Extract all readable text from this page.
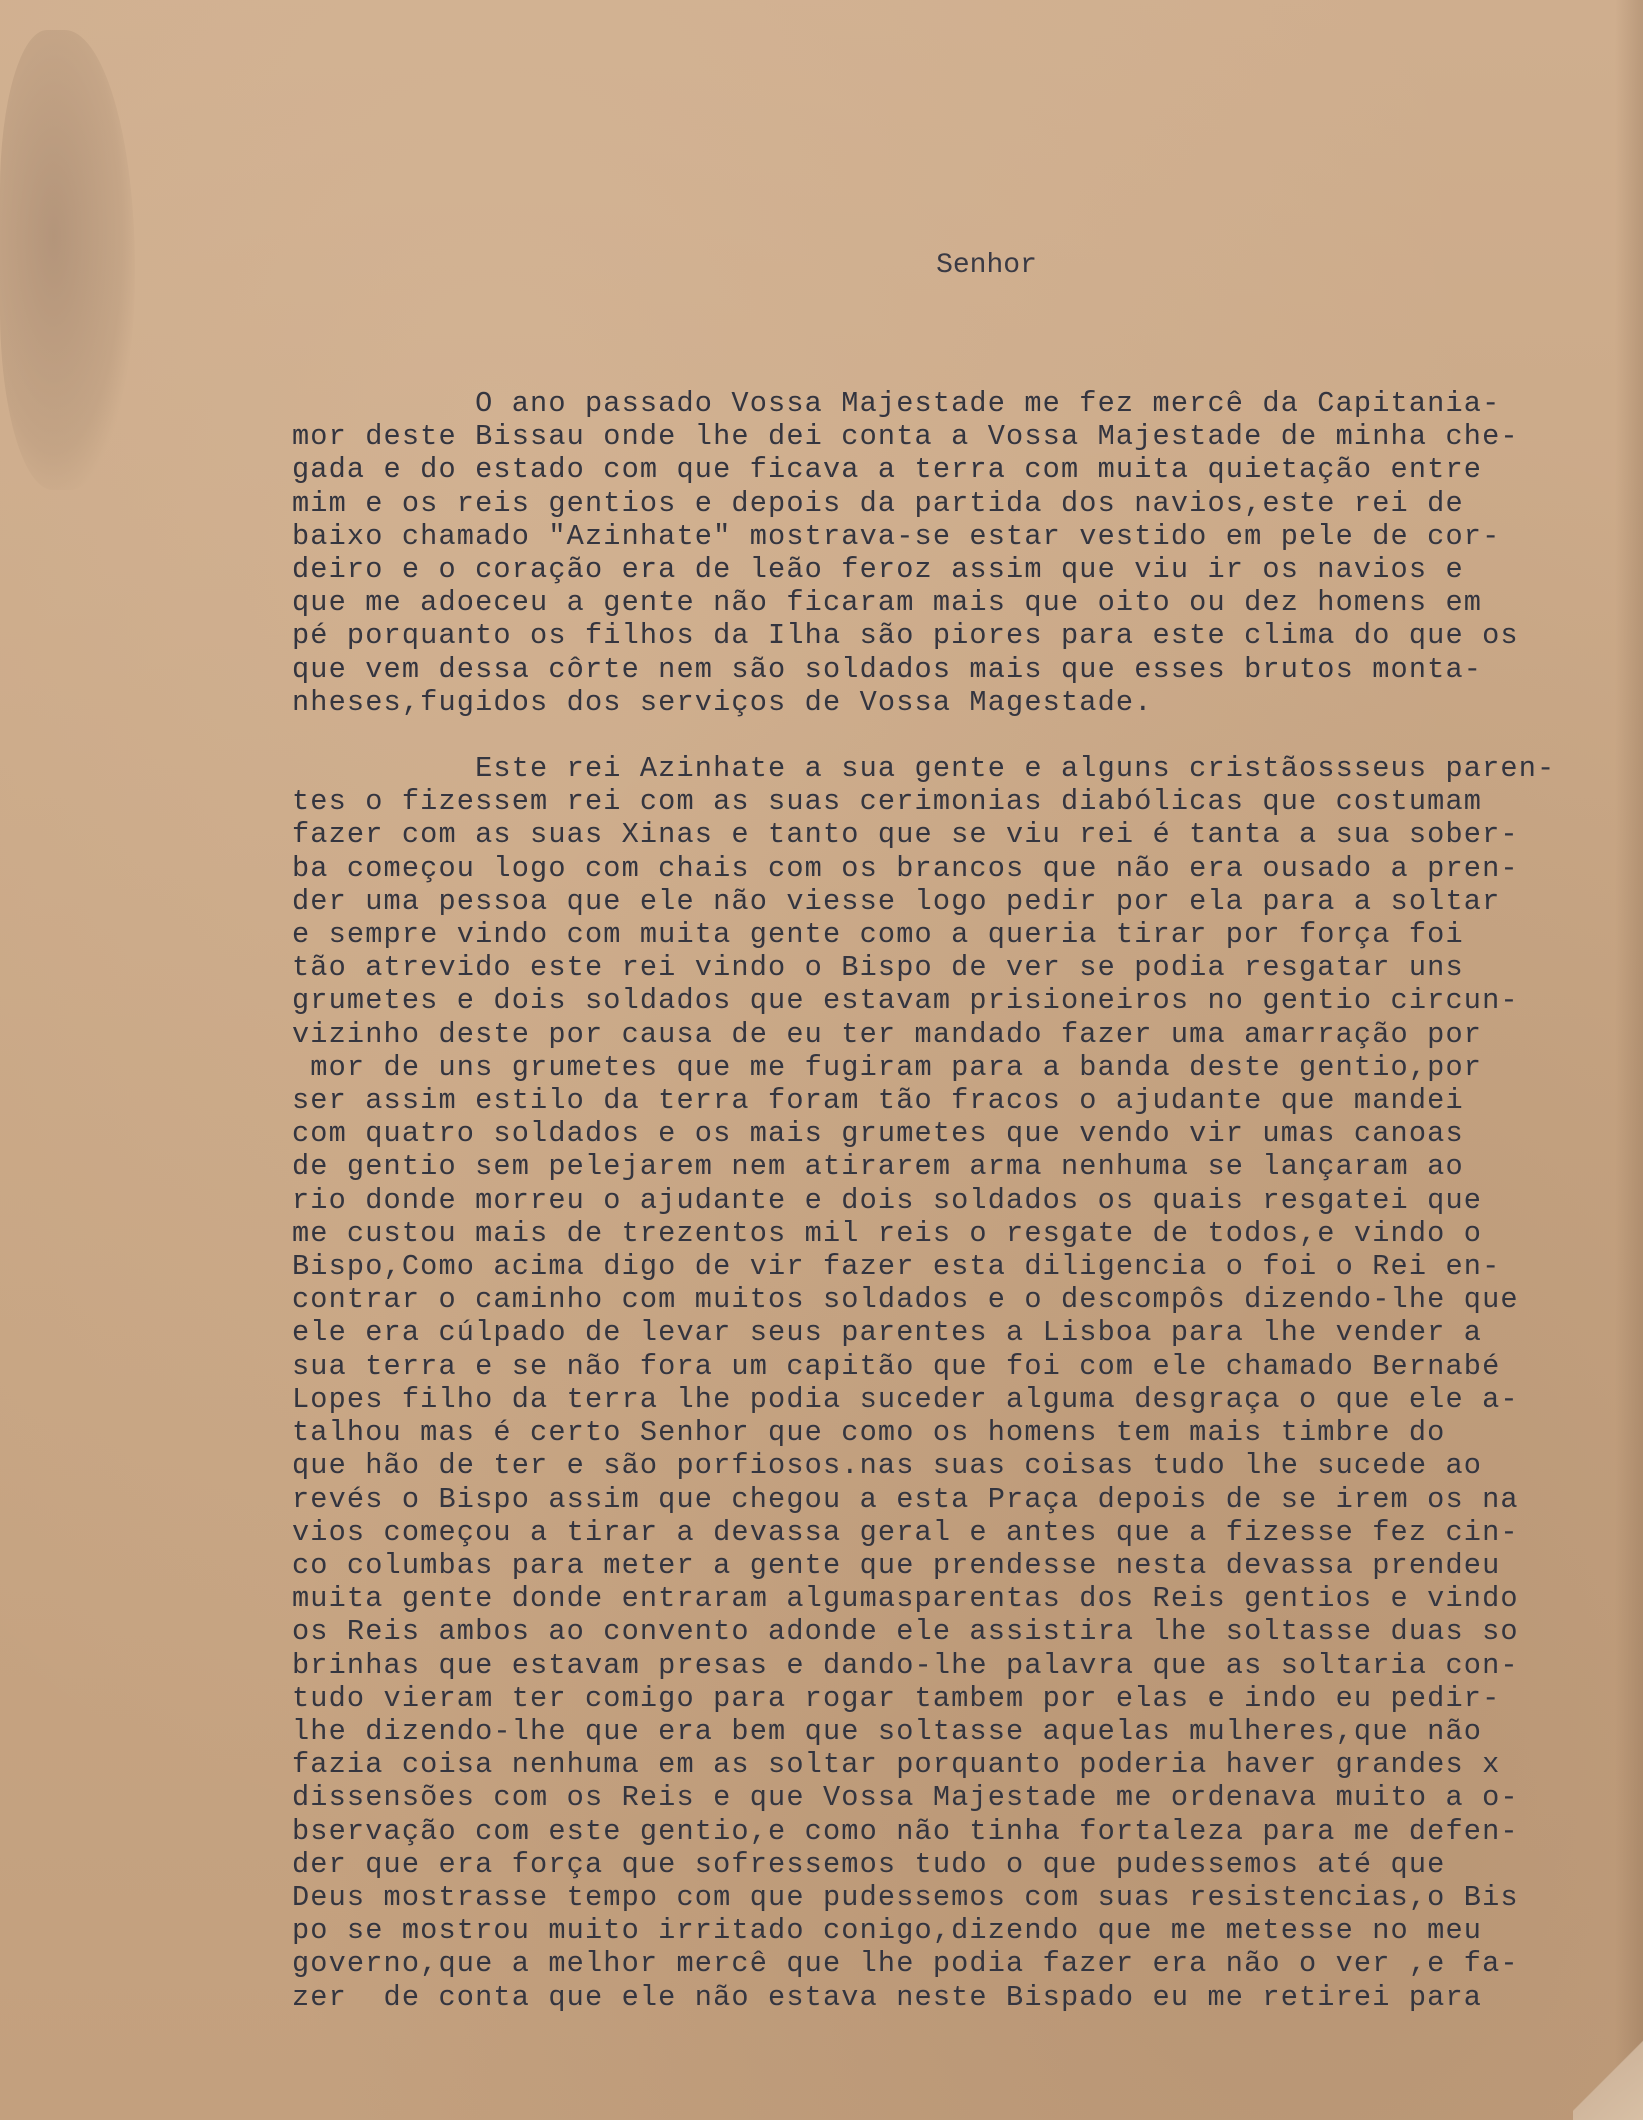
Senhor
O ano passado Vossa Majestade me fez mercê da Capitania-
mor deste Bissau onde lhe dei conta a Vossa Majestade de minha che-
gada e do estado com que ficava a terra com muita quietação entre
mim e os reis gentios e depois da partida dos navios,este rei de
baixo chamado "Azinhate" mostrava-se estar vestido em pele de cor-
deiro e o coração era de leão feroz assim que viu ir os navios e
que me adoeceu a gente não ficaram mais que oito ou dez homens em
pé porquanto os filhos da Ilha são piores para este clima do que os
que vem dessa côrte nem são soldados mais que esses brutos monta-
nheses,fugidos dos serviços de Vossa Magestade.
Este rei Azinhate a sua gente e alguns cristãossseus paren-
tes o fizessem rei com as suas cerimonias diabólicas que costumam
fazer com as suas Xinas e tanto que se viu rei é tanta a sua sober-
ba começou logo com chais com os brancos que não era ousado a pren-
der uma pessoa que ele não viesse logo pedir por ela para a soltar
e sempre vindo com muita gente como a queria tirar por força foi
tão atrevido este rei vindo o Bispo de ver se podia resgatar uns
grumetes e dois soldados que estavam prisioneiros no gentio circun-
vizinho deste por causa de eu ter mandado fazer uma amarração por
mor de uns grumetes que me fugiram para a banda deste gentio,por
ser assim estilo da terra foram tão fracos o ajudante que mandei
com quatro soldados e os mais grumetes que vendo vir umas canoas
de gentio sem pelejarem nem atirarem arma nenhuma se lançaram ao
rio donde morreu o ajudante e dois soldados os quais resgatei que
me custou mais de trezentos mil reis o resgate de todos,e vindo o
Bispo,Como acima digo de vir fazer esta diligencia o foi o Rei en-
contrar o caminho com muitos soldados e o descompôs dizendo-lhe que
ele era cúlpado de levar seus parentes a Lisboa para lhe vender a
sua terra e se não fora um capitão que foi com ele chamado Bernabé
Lopes filho da terra lhe podia suceder alguma desgraça o que ele a-
talhou mas é certo Senhor que como os homens tem mais timbre do
que hão de ter e são porfiosos.nas suas coisas tudo lhe sucede ao
revés o Bispo assim que chegou a esta Praça depois de se irem os na
vios começou a tirar a devassa geral e antes que a fizesse fez cin-
co columbas para meter a gente que prendesse nesta devassa prendeu
muita gente donde entraram algumasparentas dos Reis gentios e vindo
os Reis ambos ao convento adonde ele assistira lhe soltasse duas so
brinhas que estavam presas e dando-lhe palavra que as soltaria con-
tudo vieram ter comigo para rogar tambem por elas e indo eu pedir-
lhe dizendo-lhe que era bem que soltasse aquelas mulheres,que não
fazia coisa nenhuma em as soltar porquanto poderia haver grandes x
dissensões com os Reis e que Vossa Majestade me ordenava muito a o-
bservação com este gentio,e como não tinha fortaleza para me defen-
der que era força que sofressemos tudo o que pudessemos até que
Deus mostrasse tempo com que pudessemos com suas resistencias,o Bis
po se mostrou muito irritado conigo,dizendo que me metesse no meu
governo,que a melhor mercê que lhe podia fazer era não o ver ,e fa-
zer  de conta que ele não estava neste Bispado eu me retirei para
